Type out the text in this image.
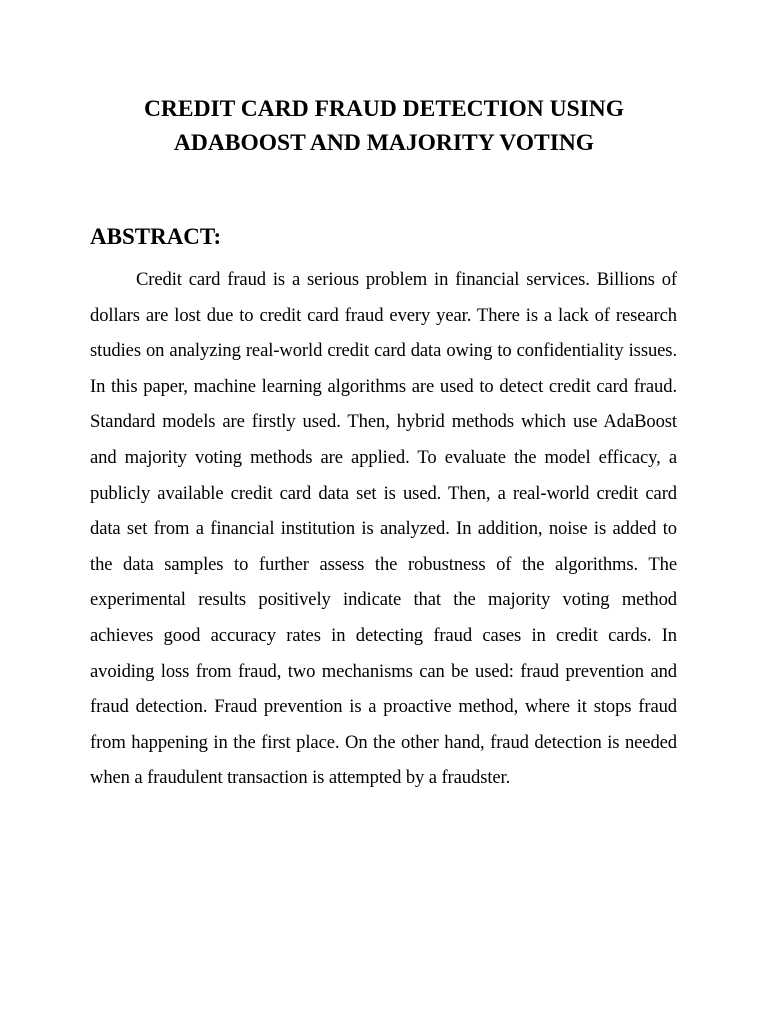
CREDIT CARD FRAUD DETECTION USING
ADABOOST AND MAJORITY VOTING
ABSTRACT:

Credit card fraud is a serious problem in financial services. Billions of dollars are lost due to credit card fraud every year. There is a lack of research studies on analyzing real-world credit card data owing to confidentiality issues. In this paper, machine learning algorithms are used to detect credit card fraud. Standard models are firstly used. Then, hybrid methods which use AdaBoost and majority voting methods are applied. To evaluate the model efficacy, a publicly available credit card data set is used. Then, a real-world credit card data set from a financial institution is analyzed. In addition, noise is added to the data samples to further assess the robustness of the algorithms. The experimental results positively indicate that the majority voting method achieves good accuracy rates in detecting fraud cases in credit cards. In avoiding loss from fraud, two mechanisms can be used: fraud prevention and fraud detection. Fraud prevention is a proactive method, where it stops fraud from happening in the first place. On the other hand, fraud detection is needed when a fraudulent transaction is attempted by a fraudster.
